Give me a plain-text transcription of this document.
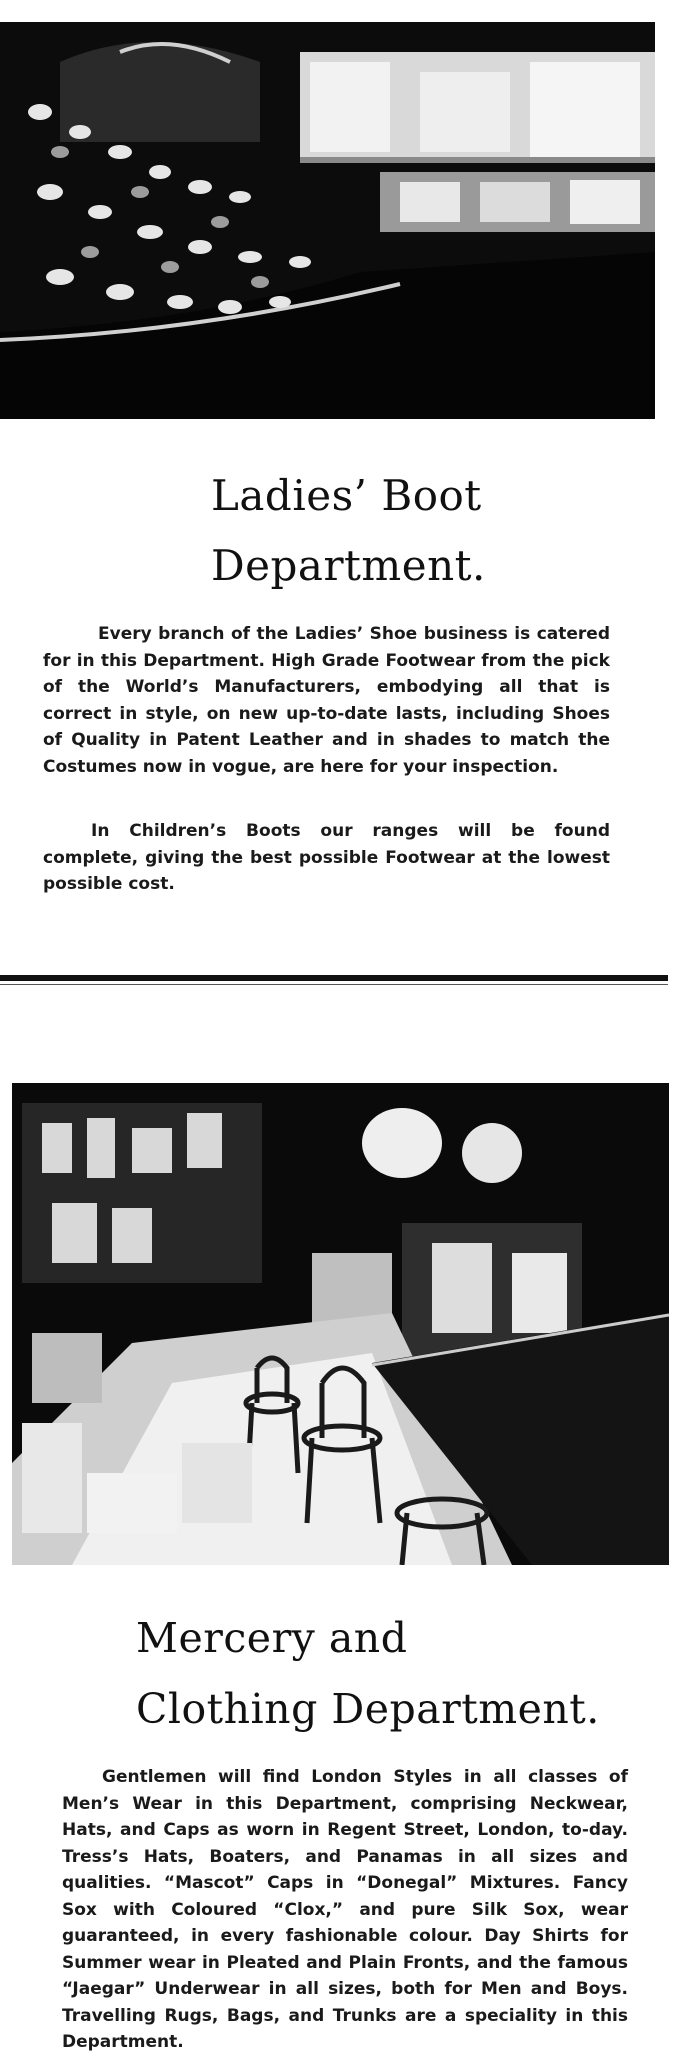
Ladies’ Boot
Department.

Every branch of the Ladies’ Shoe business is catered for in this Department. High Grade Footwear from the pick of the World’s Manufacturers, embodying all that is correct in style, on new up-to-date lasts, including Shoes of Quality in Patent Leather and in shades to match the Costumes now in vogue, are here for your inspection.

In Children’s Boots our ranges will be found complete, giving the best possible Footwear at the lowest possible cost.

Mercery and
Clothing Department.

Gentlemen will find London Styles in all classes of Men’s Wear in this Department, comprising Neckwear, Hats, and Caps as worn in Regent Street, London, to-day. Tress’s Hats, Boaters, and Panamas in all sizes and qualities. “Mascot” Caps in “Donegal” Mixtures. Fancy Sox with Coloured “Clox,” and pure Silk Sox, wear guaranteed, in every fashionable colour. Day Shirts for Summer wear in Pleated and Plain Fronts, and the famous “Jaegar” Underwear in all sizes, both for Men and Boys. Travelling Rugs, Bags, and Trunks are a speciality in this Department.
